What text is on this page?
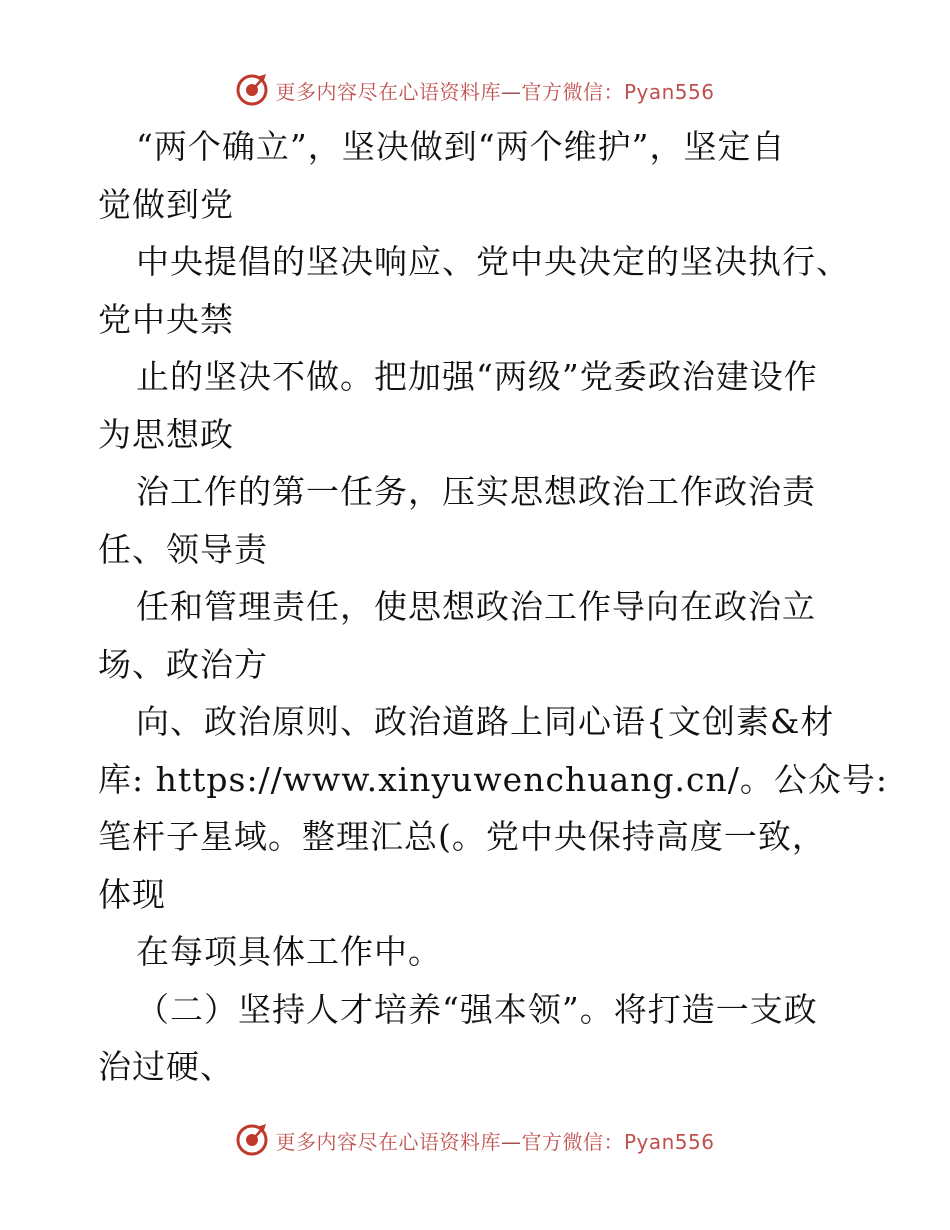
更多内容尽在心语资料库—官方微信：Pyan556
“两个确立”，坚决做到“两个维护”，坚定自
觉做到党
中央提倡的坚决响应、党中央决定的坚决执行、
党中央禁
止的坚决不做。把加强“两级”党委政治建设作
为思想政
治工作的第一任务，压实思想政治工作政治责
任、领导责
任和管理责任，使思想政治工作导向在政治立
场、政治方
向、政治原则、政治道路上同心语{文创素&材
库: https://www.xinyuwenchuang.cn/。公众号:
笔杆子星域。整理汇总(。党中央保持高度一致，
体现
在每项具体工作中。
（二）坚持人才培养“强本领”。将打造一支政
治过硬、
更多内容尽在心语资料库—官方微信：Pyan556
